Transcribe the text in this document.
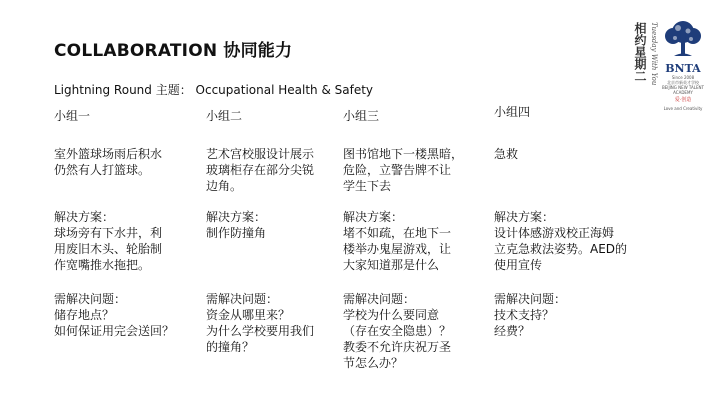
COLLABORATION 协同能力
Lightning Round 主题： Occupational Health & Safety
小组一
室外篮球场雨后积水
仍然有人打篮球。
解决方案：
球场旁有下水井，利
用废旧木头、轮胎制
作宽嘴推水拖把。
需解决问题：
储存地点？
如何保证用完会送回？
小组二
艺术宫校服设计展示
玻璃柜存在部分尖锐
边角。
解决方案：
制作防撞角
需解决问题：
资金从哪里来？
为什么学校要用我们
的撞角？
小组三
图书馆地下一楼黑暗，
危险，立警告牌不让
学生下去
解决方案：
堵不如疏，在地下一
楼举办鬼屋游戏，让
大家知道那是什么
需解决问题：
学校为什么要同意
（存在安全隐患）？
教委不允许庆祝万圣
节怎么办？
小组四
急救
解决方案：
设计体感游戏校正海姆
立克急救法姿势。AED的
使用宣传
需解决问题：
技术支持？
经费？
相约星期二 Tuesday With You BNTA
Since 2008
北京市新英才学校
BEIJING NEW TALENT ACADEMY
爱·创造
Love and Creativity
